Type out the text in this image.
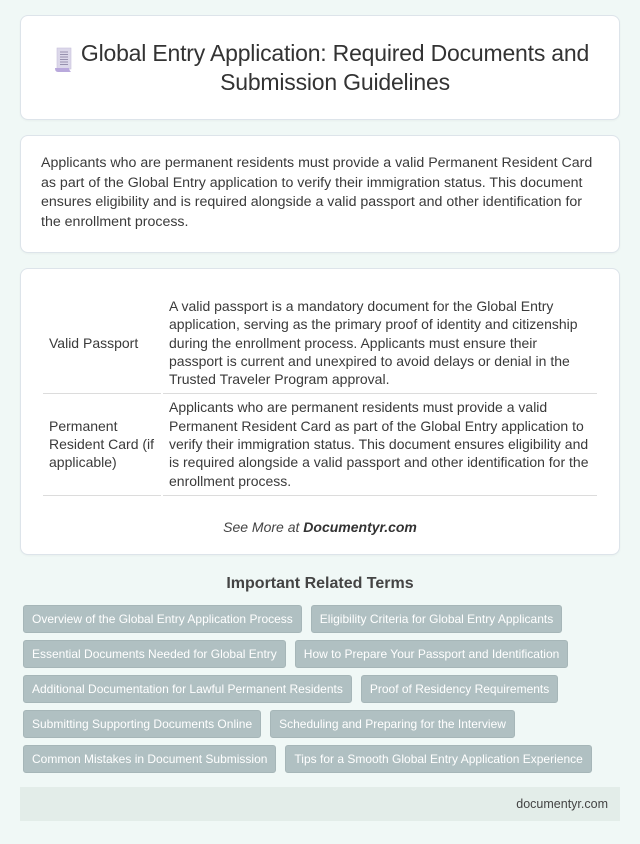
Global Entry Application: Required Documents and Submission Guidelines

Applicants who are permanent residents must provide a valid Permanent Resident Card as part of the Global Entry application to verify their immigration status. This document ensures eligibility and is required alongside a valid passport and other identification for the enrollment process.

Valid Passport	A valid passport is a mandatory document for the Global Entry application, serving as the primary proof of identity and citizenship during the enrollment process. Applicants must ensure their passport is current and unexpired to avoid delays or denial in the Trusted Traveler Program approval.
Permanent Resident Card (if applicable)	Applicants who are permanent residents must provide a valid Permanent Resident Card as part of the Global Entry application to verify their immigration status. This document ensures eligibility and is required alongside a valid passport and other identification for the enrollment process.

See More at Documentyr.com

Important Related Terms
Overview of the Global Entry Application Process	Eligibility Criteria for Global Entry Applicants
Essential Documents Needed for Global Entry	How to Prepare Your Passport and Identification
Additional Documentation for Lawful Permanent Residents	Proof of Residency Requirements
Submitting Supporting Documents Online	Scheduling and Preparing for the Interview
Common Mistakes in Document Submission	Tips for a Smooth Global Entry Application Experience
documentyr.com
